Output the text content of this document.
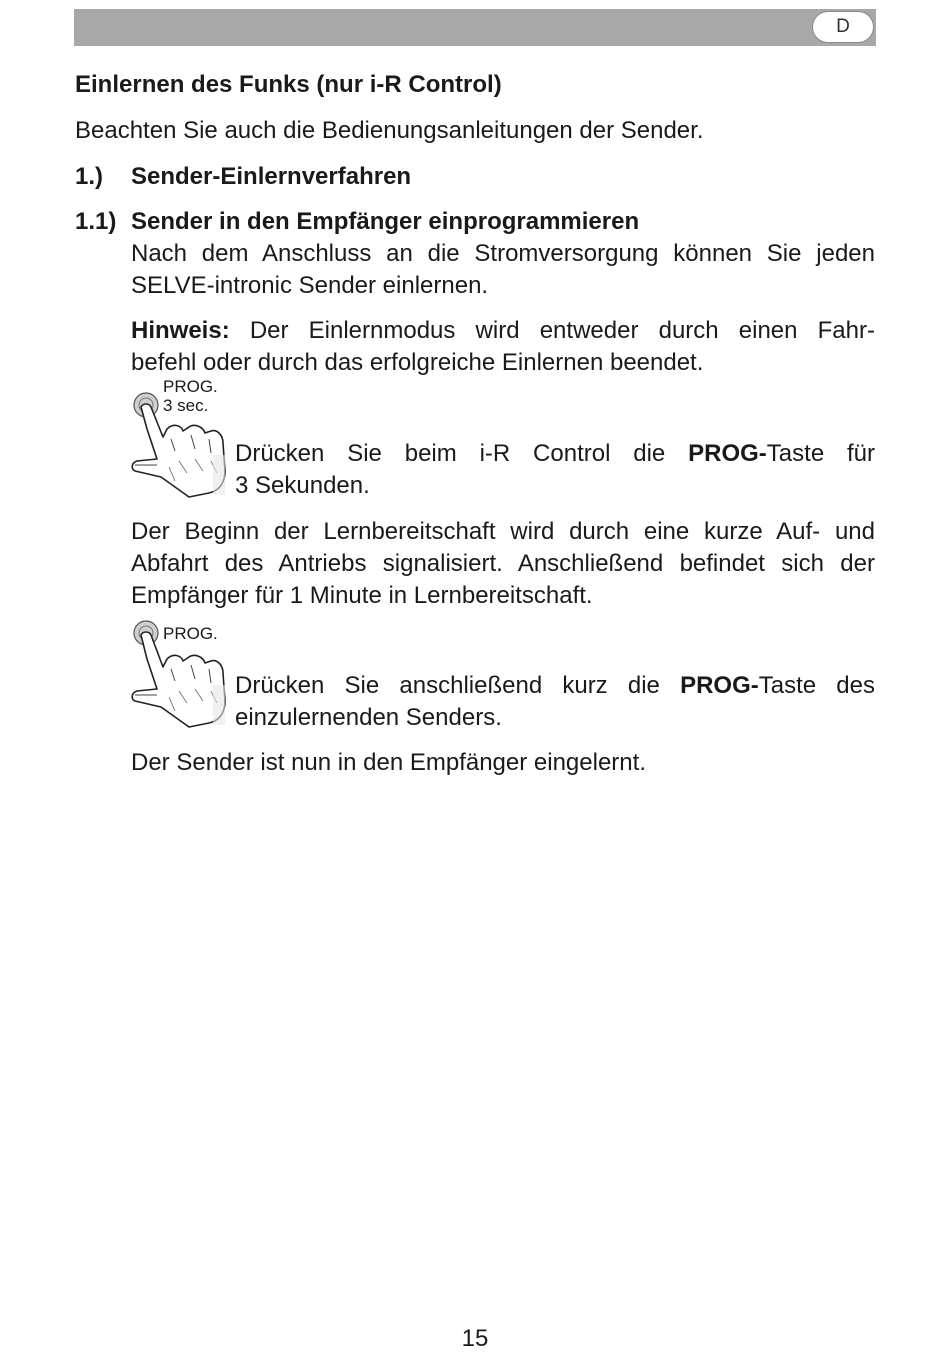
D
Einlernen des Funks (nur i-R Control)
Beachten Sie auch die Bedienungsanleitungen der Sender.
1.) Sender-Einlernverfahren
1.1) Sender in den Empfänger einprogrammieren
Nach dem Anschluss an die Stromversorgung können Sie jeden
SELVE-intronic Sender einlernen.
Hinweis: Der Einlernmodus wird entweder durch einen Fahr-
befehl oder durch das erfolgreiche Einlernen beendet.
PROG.
3 sec.
Drücken Sie beim i-R Control die PROG-Taste für
3 Sekunden.
Der Beginn der Lernbereitschaft wird durch eine kurze Auf- und
Abfahrt des Antriebs signalisiert. Anschließend befindet sich der
Empfänger für 1 Minute in Lernbereitschaft.
PROG.
Drücken Sie anschließend kurz die PROG-Taste des
einzulernenden Senders.
Der Sender ist nun in den Empfänger eingelernt.
15
